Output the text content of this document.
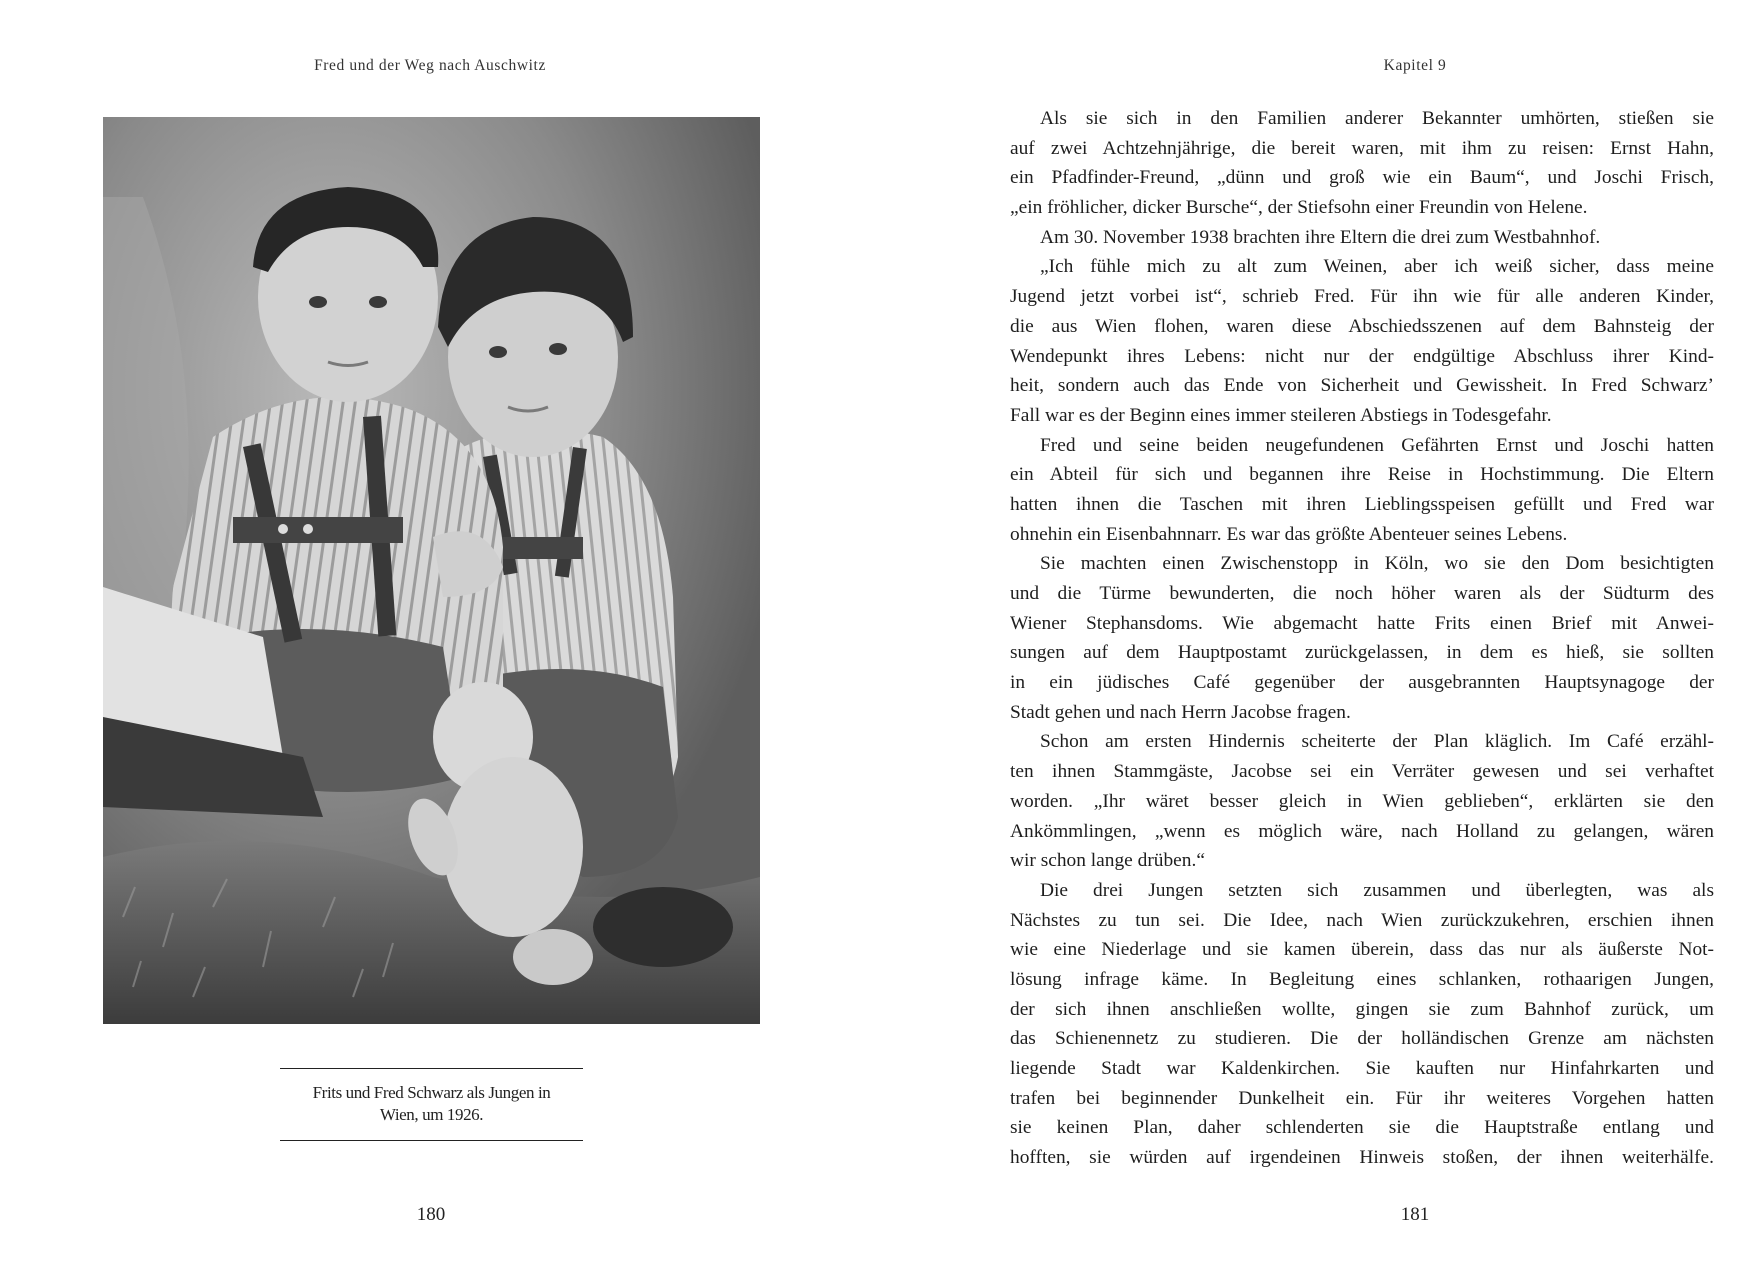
Fred und der Weg nach Auschwitz
Frits und Fred Schwarz als Jungen in
Wien, um 1926.
180
Kapitel 9
Als sie sich in den Familien anderer Bekannter umhörten, stießen sie
auf zwei Achtzehnjährige, die bereit waren, mit ihm zu reisen: Ernst Hahn,
ein Pfadfinder-Freund, „dünn und groß wie ein Baum“, und Joschi Frisch,
„ein fröhlicher, dicker Bursche“, der Stiefsohn einer Freundin von Helene.
Am 30. November 1938 brachten ihre Eltern die drei zum Westbahnhof.
„Ich fühle mich zu alt zum Weinen, aber ich weiß sicher, dass meine
Jugend jetzt vorbei ist“, schrieb Fred. Für ihn wie für alle anderen Kinder,
die aus Wien flohen, waren diese Abschiedsszenen auf dem Bahnsteig der
Wendepunkt ihres Lebens: nicht nur der endgültige Abschluss ihrer Kind-
heit, sondern auch das Ende von Sicherheit und Gewissheit. In Fred Schwarz’
Fall war es der Beginn eines immer steileren Abstiegs in Todesgefahr.
Fred und seine beiden neugefundenen Gefährten Ernst und Joschi hatten
ein Abteil für sich und begannen ihre Reise in Hochstimmung. Die Eltern
hatten ihnen die Taschen mit ihren Lieblingsspeisen gefüllt und Fred war
ohnehin ein Eisenbahnnarr. Es war das größte Abenteuer seines Lebens.
Sie machten einen Zwischenstopp in Köln, wo sie den Dom besichtigten
und die Türme bewunderten, die noch höher waren als der Südturm des
Wiener Stephansdoms. Wie abgemacht hatte Frits einen Brief mit Anwei-
sungen auf dem Hauptpostamt zurückgelassen, in dem es hieß, sie sollten
in ein jüdisches Café gegenüber der ausgebrannten Hauptsynagoge der
Stadt gehen und nach Herrn Jacobse fragen.
Schon am ersten Hindernis scheiterte der Plan kläglich. Im Café erzähl-
ten ihnen Stammgäste, Jacobse sei ein Verräter gewesen und sei verhaftet
worden. „Ihr wäret besser gleich in Wien geblieben“, erklärten sie den
Ankömmlingen, „wenn es möglich wäre, nach Holland zu gelangen, wären
wir schon lange drüben.“
Die drei Jungen setzten sich zusammen und überlegten, was als
Nächstes zu tun sei. Die Idee, nach Wien zurückzukehren, erschien ihnen
wie eine Niederlage und sie kamen überein, dass das nur als äußerste Not-
lösung infrage käme. In Begleitung eines schlanken, rothaarigen Jungen,
der sich ihnen anschließen wollte, gingen sie zum Bahnhof zurück, um
das Schienennetz zu studieren. Die der holländischen Grenze am nächsten
liegende Stadt war Kaldenkirchen. Sie kauften nur Hinfahrkarten und
trafen bei beginnender Dunkelheit ein. Für ihr weiteres Vorgehen hatten
sie keinen Plan, daher schlenderten sie die Hauptstraße entlang und
hofften, sie würden auf irgendeinen Hinweis stoßen, der ihnen weiterhälfe.
181
